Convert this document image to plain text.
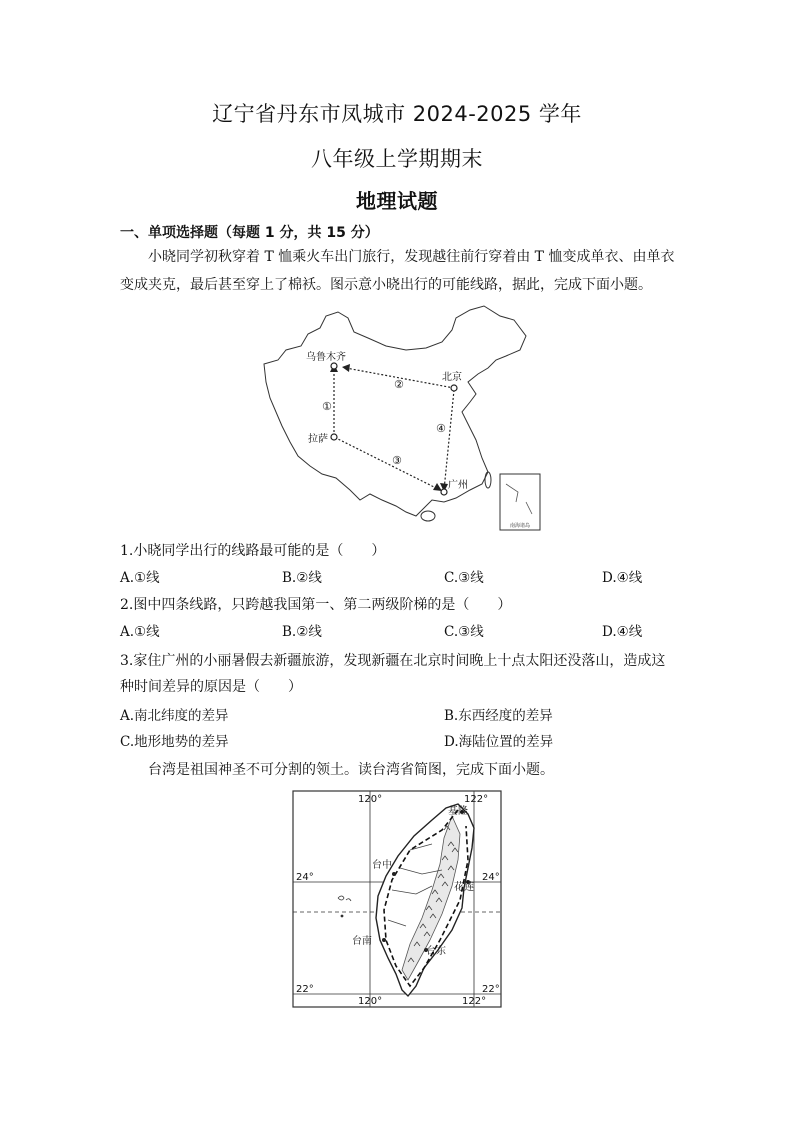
辽宁省丹东市凤城市 2024-2025 学年
八年级上学期期末
地理试题
一、单项选择题（每题 1 分，共 15 分）
小晓同学初秋穿着 T 恤乘火车出门旅行，发现越往前行穿着由 T 恤变成单衣、由单衣
变成夹克，最后甚至穿上了棉袄。图示意小晓出行的可能线路，据此，完成下面小题。
南海诸岛
乌鲁木齐
北京
拉萨
广州
①
②
③
④
1.小晓同学出行的线路最可能的是（　　）
A.①线	B.②线	C.③线	D.④线
2.图中四条线路，只跨越我国第一、第二两级阶梯的是（　　）
A.①线	B.②线	C.③线	D.④线
3.家住广州的小丽暑假去新疆旅游，发现新疆在北京时间晚上十点太阳还没落山，造成这
种时间差异的原因是（　　）
A.南北纬度的差异	B.东西经度的差异
C.地形地势的差异	D.海陆位置的差异
台湾是祖国神圣不可分割的领土。读台湾省简图，完成下面小题。
120°	122°
120°	122°
24°	24°
22°	22°
基隆
台中
花莲
台南
台东
